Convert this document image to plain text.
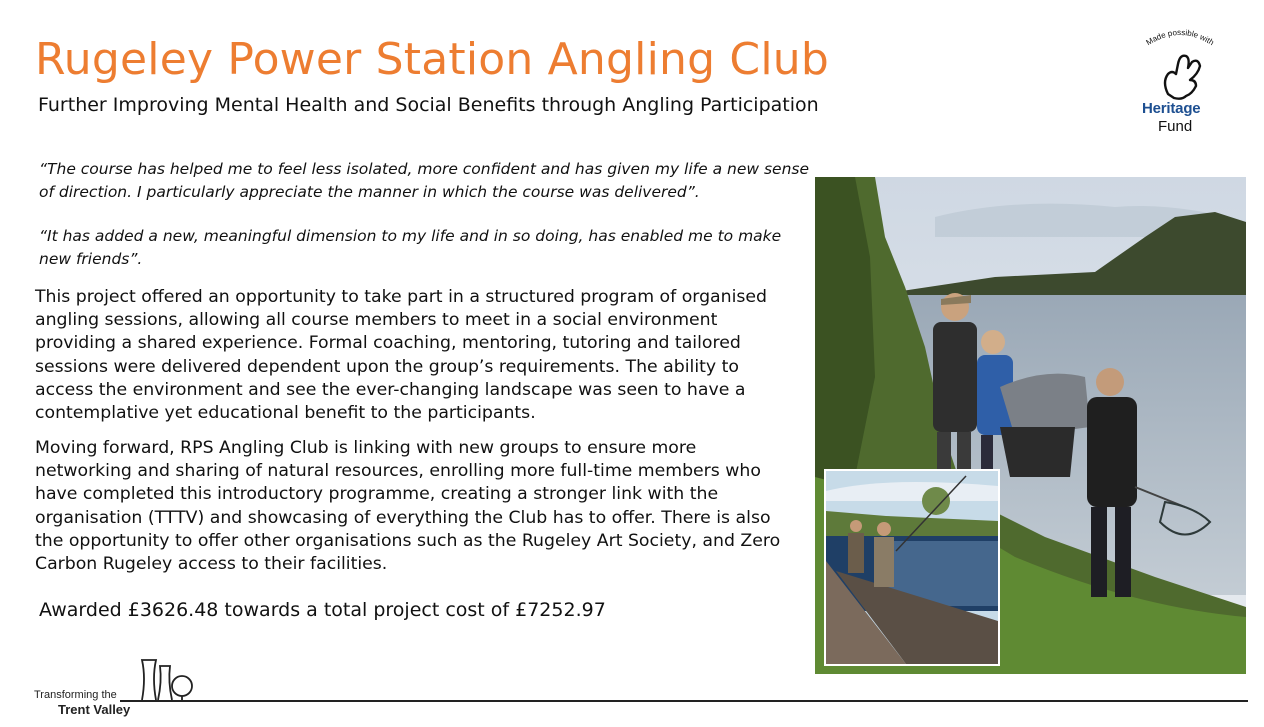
Rugeley Power Station Angling Club

Further Improving Mental Health and Social Benefits through Angling Participation

“The course has helped me to feel less isolated, more confident and has given my life a new sense of direction. I particularly appreciate the manner in which the course was delivered”.

“It has added a new, meaningful dimension to my life and in so doing, has enabled me to make new friends”.

This project offered an opportunity to take part in a structured program of organised angling sessions, allowing all course members to meet in a social environment providing a shared experience. Formal coaching, mentoring, tutoring and tailored sessions were delivered dependent upon the group’s requirements. The ability to access the environment and see the ever-changing landscape was seen to have a contemplative yet educational benefit to the participants.

Moving forward, RPS Angling Club is linking with new groups to ensure more networking and sharing of natural resources, enrolling more full-time members who have completed this introductory programme, creating a stronger link with the organisation (TTTV) and showcasing of everything the Club has to offer. There is also the opportunity to offer other organisations such as the Rugeley Art Society, and Zero Carbon Rugeley access to their facilities.

Awarded £3626.48 towards a total project cost of £7252.97

Made possible with
Heritage
Fund
Transforming the
Trent Valley
